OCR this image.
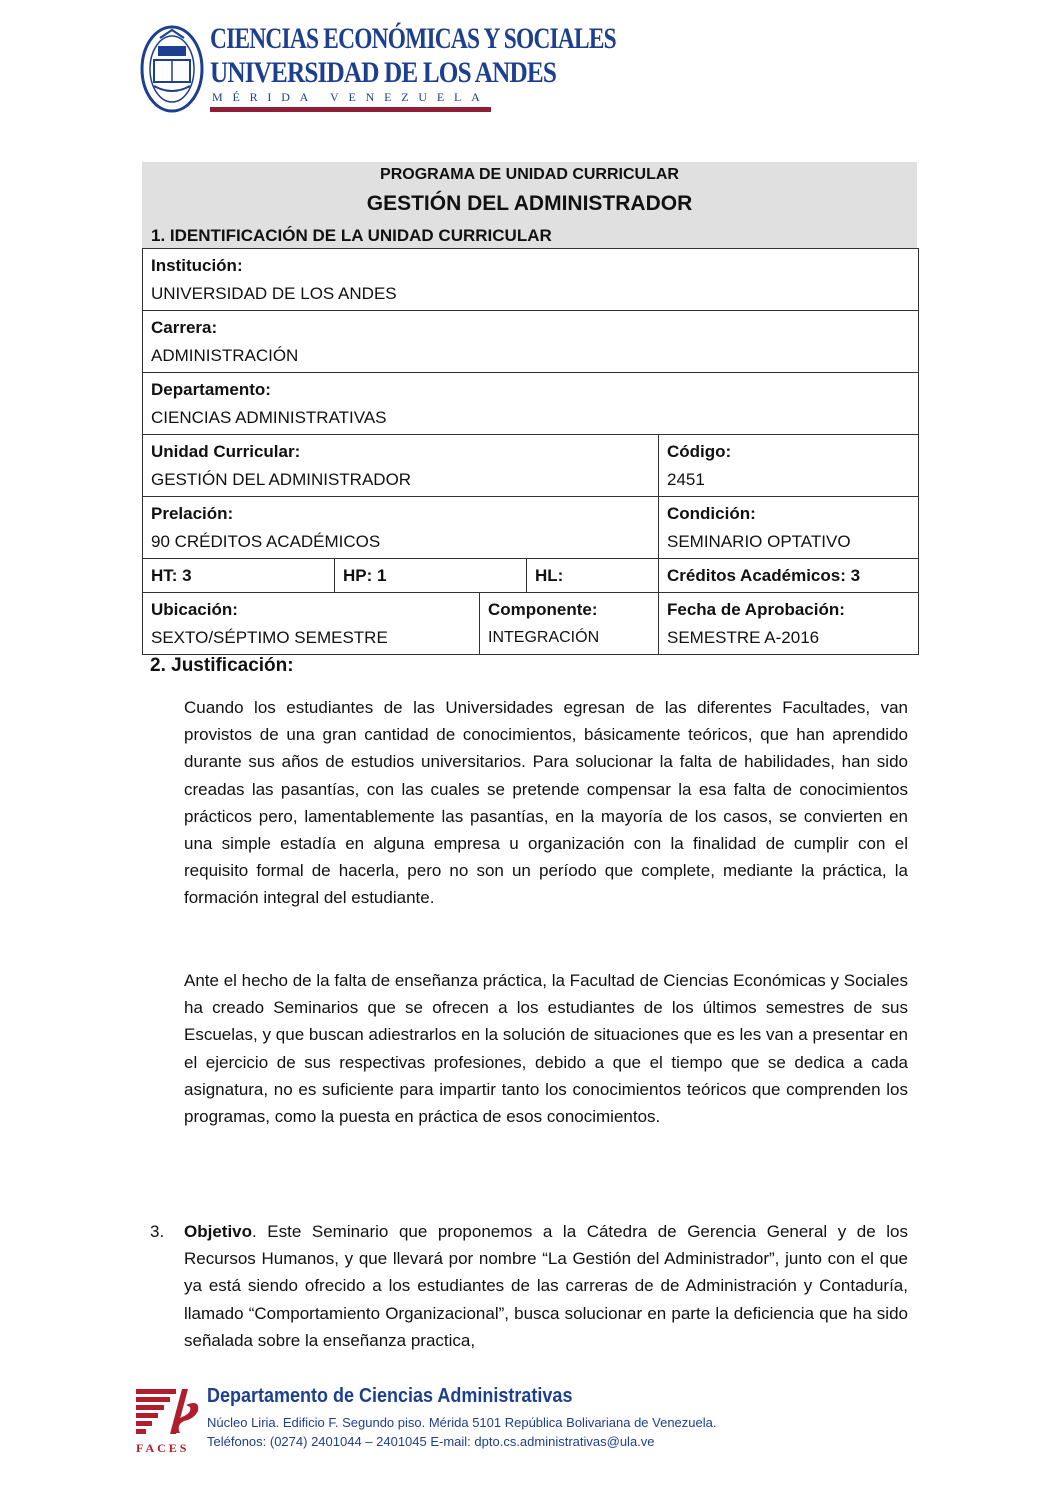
CIENCIAS ECONÓMICAS Y SOCIALES
UNIVERSIDAD DE LOS ANDES
MÉRIDA VENEZUELA
PROGRAMA DE UNIDAD CURRICULAR
GESTIÓN DEL ADMINISTRADOR
1. IDENTIFICACIÓN DE LA UNIDAD CURRICULAR
Institución:
UNIVERSIDAD DE LOS ANDES				

Carrera:
ADMINISTRACIÓN				

Departamento:
CIENCIAS ADMINISTRATIVAS				

Unidad Curricular:
GESTIÓN DEL ADMINISTRADOR				Código:
2451

Prelación:
90 CRÉDITOS ACADÉMICOS				Condición:
SEMINARIO OPTATIVO

HT: 3	HP: 1		HL:	Créditos Académicos: 3

Ubicación:
SEXTO/SÉPTIMO SEMESTRE		Componente:
INTEGRACIÓN		Fecha de Aprobación:
SEMESTRE A-2016
2. Justificación:
Cuando los estudiantes de las Universidades egresan de las diferentes Facultades, van provistos de una gran cantidad de conocimientos, básicamente teóricos, que han aprendido durante sus años de estudios universitarios. Para solucionar la falta de habilidades, han sido creadas las pasantías, con las cuales se pretende compensar la esa falta de conocimientos prácticos pero, lamentablemente las pasantías, en la mayoría de los casos, se convierten en una simple estadía en alguna empresa u organización con la finalidad de cumplir con el requisito formal de hacerla, pero no son un período que complete, mediante la práctica, la formación integral del estudiante.
Ante el hecho de la falta de enseñanza práctica, la Facultad de Ciencias Económicas y Sociales ha creado Seminarios que se ofrecen a los estudiantes de los últimos semestres de sus Escuelas, y que buscan adiestrarlos en la solución de situaciones que es les van a presentar en el ejercicio de sus respectivas profesiones, debido a que el tiempo que se dedica a cada asignatura, no es suficiente para impartir tanto los conocimientos teóricos que comprenden los programas, como la puesta en práctica de esos conocimientos.
3. Objetivo. Este Seminario que proponemos a la Cátedra de Gerencia General y de los Recursos Humanos, y que llevará por nombre “La Gestión del Administrador”, junto con el que ya está siendo ofrecido a los estudiantes de las carreras de de Administración y Contaduría, llamado “Comportamiento Organizacional”, busca solucionar en parte la deficiencia que ha sido señalada sobre la enseñanza practica,
FACES
Departamento de Ciencias Administrativas
Núcleo Liria. Edificio F. Segundo piso. Mérida 5101 República Bolivariana de Venezuela.
Teléfonos: (0274) 2401044 – 2401045 E-mail: dpto.cs.administrativas@ula.ve
